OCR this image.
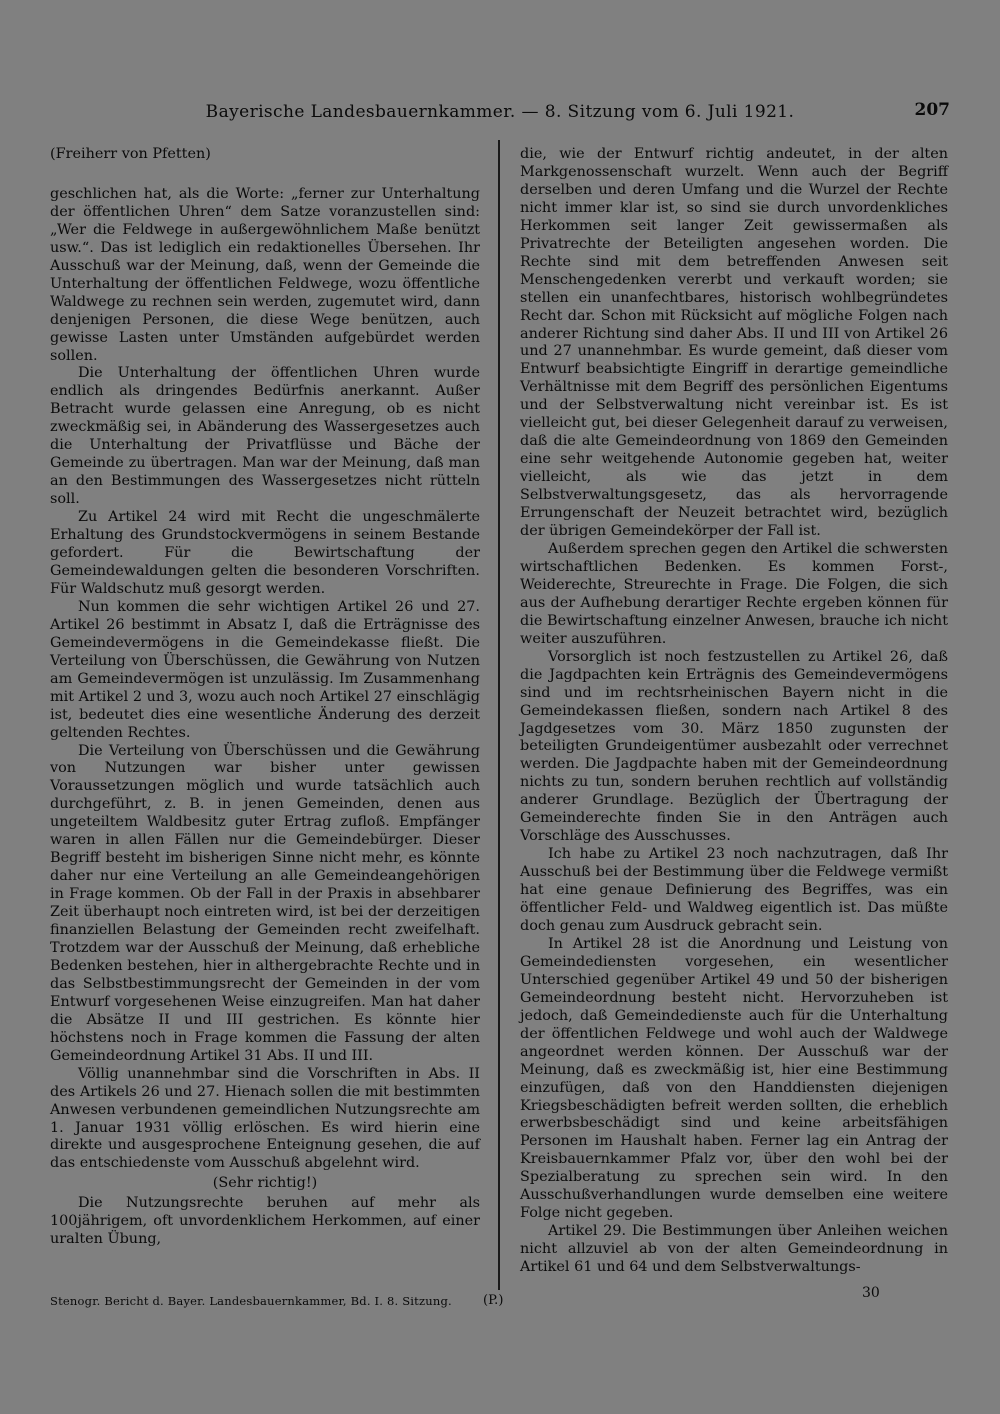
Bayerische Landesbauernkammer. — 8. Sitzung vom 6. Juli 1921.	207

(Freiherr von Pfetten)

geschlichen hat, als die Worte: „ferner zur Unterhaltung der öffentlichen Uhren“ dem Satze voranzustellen sind: „Wer die Feldwege in außergewöhnlichem Maße benützt usw.“. Das ist lediglich ein redaktionelles Übersehen. Ihr Ausschuß war der Meinung, daß, wenn der Gemeinde die Unterhaltung der öffentlichen Feldwege, wozu öffentliche Waldwege zu rechnen sein werden, zugemutet wird, dann denjenigen Personen, die diese Wege benützen, auch gewisse Lasten unter Umständen aufgebürdet werden sollen.

Die Unterhaltung der öffentlichen Uhren wurde endlich als dringendes Bedürfnis anerkannt. Außer Betracht wurde gelassen eine Anregung, ob es nicht zweckmäßig sei, in Abänderung des Wassergesetzes auch die Unterhaltung der Privatflüsse und Bäche der Gemeinde zu übertragen. Man war der Meinung, daß man an den Bestimmungen des Wassergesetzes nicht rütteln soll.

Zu Artikel 24 wird mit Recht die ungeschmälerte Erhaltung des Grundstockvermögens in seinem Bestande gefordert. Für die Bewirtschaftung der Gemeindewaldungen gelten die besonderen Vorschriften. Für Waldschutz muß gesorgt werden.

Nun kommen die sehr wichtigen Artikel 26 und 27. Artikel 26 bestimmt in Absatz I, daß die Erträgnisse des Gemeindevermögens in die Gemeindekasse fließt. Die Verteilung von Überschüssen, die Gewährung von Nutzen am Gemeindevermögen ist unzulässig. Im Zusammenhang mit Artikel 2 und 3, wozu auch noch Artikel 27 einschlägig ist, bedeutet dies eine wesentliche Änderung des derzeit geltenden Rechtes.

Die Verteilung von Überschüssen und die Gewährung von Nutzungen war bisher unter gewissen Voraussetzungen möglich und wurde tatsächlich auch durchgeführt, z. B. in jenen Gemeinden, denen aus ungeteiltem Waldbesitz guter Ertrag zufloß. Empfänger waren in allen Fällen nur die Gemeindebürger. Dieser Begriff besteht im bisherigen Sinne nicht mehr, es könnte daher nur eine Verteilung an alle Gemeindeangehörigen in Frage kommen. Ob der Fall in der Praxis in absehbarer Zeit überhaupt noch eintreten wird, ist bei der derzeitigen finanziellen Belastung der Gemeinden recht zweifelhaft. Trotzdem war der Ausschuß der Meinung, daß erhebliche Bedenken bestehen, hier in althergebrachte Rechte und in das Selbstbestimmungsrecht der Gemeinden in der vom Entwurf vorgesehenen Weise einzugreifen. Man hat daher die Absätze II und III gestrichen. Es könnte hier höchstens noch in Frage kommen die Fassung der alten Gemeindeordnung Artikel 31 Abs. II und III.

Völlig unannehmbar sind die Vorschriften in Abs. II des Artikels 26 und 27. Hienach sollen die mit bestimmten Anwesen verbundenen gemeindlichen Nutzungsrechte am 1. Januar 1931 völlig erlöschen. Es wird hierin eine direkte und ausgesprochene Enteignung gesehen, die auf das entschiedenste vom Ausschuß abgelehnt wird.

(Sehr richtig!)

Die Nutzungsrechte beruhen auf mehr als 100jährigem, oft unvordenklichem Herkommen, auf einer uralten Übung,

die, wie der Entwurf richtig andeutet, in der alten Markgenossenschaft wurzelt. Wenn auch der Begriff derselben und deren Umfang und die Wurzel der Rechte nicht immer klar ist, so sind sie durch unvordenkliches Herkommen seit langer Zeit gewissermaßen als Privatrechte der Beteiligten angesehen worden. Die Rechte sind mit dem betreffenden Anwesen seit Menschengedenken vererbt und verkauft worden; sie stellen ein unanfechtbares, historisch wohlbegründetes Recht dar. Schon mit Rücksicht auf mögliche Folgen nach anderer Richtung sind daher Abs. II und III von Artikel 26 und 27 unannehmbar. Es wurde gemeint, daß dieser vom Entwurf beabsichtigte Eingriff in derartige gemeindliche Verhältnisse mit dem Begriff des persönlichen Eigentums und der Selbstverwaltung nicht vereinbar ist. Es ist vielleicht gut, bei dieser Gelegenheit darauf zu verweisen, daß die alte Gemeindeordnung von 1869 den Gemeinden eine sehr weitgehende Autonomie gegeben hat, weiter vielleicht, als wie das jetzt in dem Selbstverwaltungsgesetz, das als hervorragende Errungenschaft der Neuzeit betrachtet wird, bezüglich der übrigen Gemeindekörper der Fall ist.

Außerdem sprechen gegen den Artikel die schwersten wirtschaftlichen Bedenken. Es kommen Forst-, Weiderechte, Streurechte in Frage. Die Folgen, die sich aus der Aufhebung derartiger Rechte ergeben können für die Bewirtschaftung einzelner Anwesen, brauche ich nicht weiter auszuführen.

Vorsorglich ist noch festzustellen zu Artikel 26, daß die Jagdpachten kein Erträgnis des Gemeindevermögens sind und im rechtsrheinischen Bayern nicht in die Gemeindekassen fließen, sondern nach Artikel 8 des Jagdgesetzes vom 30. März 1850 zugunsten der beteiligten Grundeigentümer ausbezahlt oder verrechnet werden. Die Jagdpachte haben mit der Gemeindeordnung nichts zu tun, sondern beruhen rechtlich auf vollständig anderer Grundlage. Bezüglich der Übertragung der Gemeinderechte finden Sie in den Anträgen auch Vorschläge des Ausschusses.

Ich habe zu Artikel 23 noch nachzutragen, daß Ihr Ausschuß bei der Bestimmung über die Feldwege vermißt hat eine genaue Definierung des Begriffes, was ein öffentlicher Feld- und Waldweg eigentlich ist. Das müßte doch genau zum Ausdruck gebracht sein.

In Artikel 28 ist die Anordnung und Leistung von Gemeindediensten vorgesehen, ein wesentlicher Unterschied gegenüber Artikel 49 und 50 der bisherigen Gemeindeordnung besteht nicht. Hervorzuheben ist jedoch, daß Gemeindedienste auch für die Unterhaltung der öffentlichen Feldwege und wohl auch der Waldwege angeordnet werden können. Der Ausschuß war der Meinung, daß es zweckmäßig ist, hier eine Bestimmung einzufügen, daß von den Handdiensten diejenigen Kriegsbeschädigten befreit werden sollten, die erheblich erwerbsbeschädigt sind und keine arbeitsfähigen Personen im Haushalt haben. Ferner lag ein Antrag der Kreisbauernkammer Pfalz vor, über den wohl bei der Spezialberatung zu sprechen sein wird. In den Ausschußverhandlungen wurde demselben eine weitere Folge nicht gegeben.

Artikel 29. Die Bestimmungen über Anleihen weichen nicht allzuviel ab von der alten Gemeindeordnung in Artikel 61 und 64 und dem Selbstverwaltungs-

Stenogr. Bericht d. Bayer. Landesbauernkammer, Bd. I. 8. Sitzung.	(P.)	30
